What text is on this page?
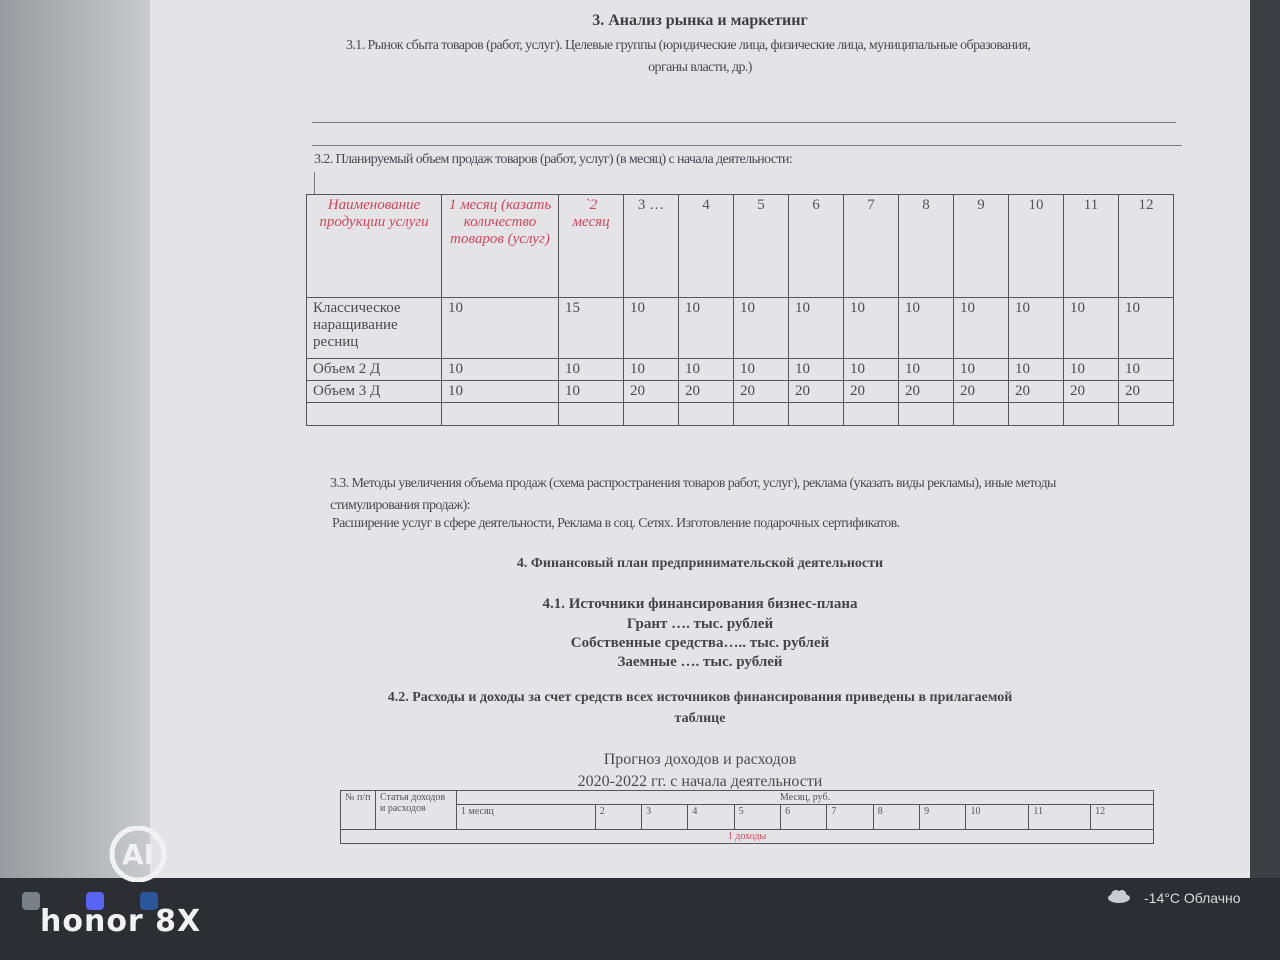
3. Анализ рынка и маркетинг
3.1. Рынок сбыта товаров (работ, услуг). Целевые группы (юридические лица, физические лица, муниципальные образования,
органы власти, др.)
3.2. Планируемый объем продаж товаров (работ, услуг) (в месяц) с начала деятельности:
Наименование продукции услуги	1 месяц (казать количество товаров (услуг)	`2 месяц	3 …	4	5	6	7	8	9	10	11	12
Классическое наращивание ресниц	10	15	10	10	10	10	10	10	10	10	10	10
Объем 2 Д	10	10	10	10	10	10	10	10	10	10	10	10
Объем 3 Д	10	10	20	20	20	20	20	20	20	20	20	20

3.3. Методы увеличения объема продаж (схема распространения товаров работ, услуг), реклама (указать виды рекламы), иные методы
стимулирования продаж):
Расширение услуг в сфере деятельности, Реклама в соц. Сетях. Изготовление подарочных сертификатов.
4. Финансовый план предпринимательской деятельности
4.1. Источники финансирования бизнес-плана
Грант …. тыс. рублей
Собственные средства….. тыс. рублей
Заемные …. тыс. рублей
4.2. Расходы и доходы за счет средств всех источников финансирования приведены в прилагаемой
таблице
Прогноз доходов и расходов
2020-2022 гг. с начала деятельности
№ п/п	Статья доходов и расходов	Месяц, руб.											
		1 месяц	2	3	4	5	6	7	8	9	10	11	12
1 доходы													
-14°C Облачно
AI
honor 8X
